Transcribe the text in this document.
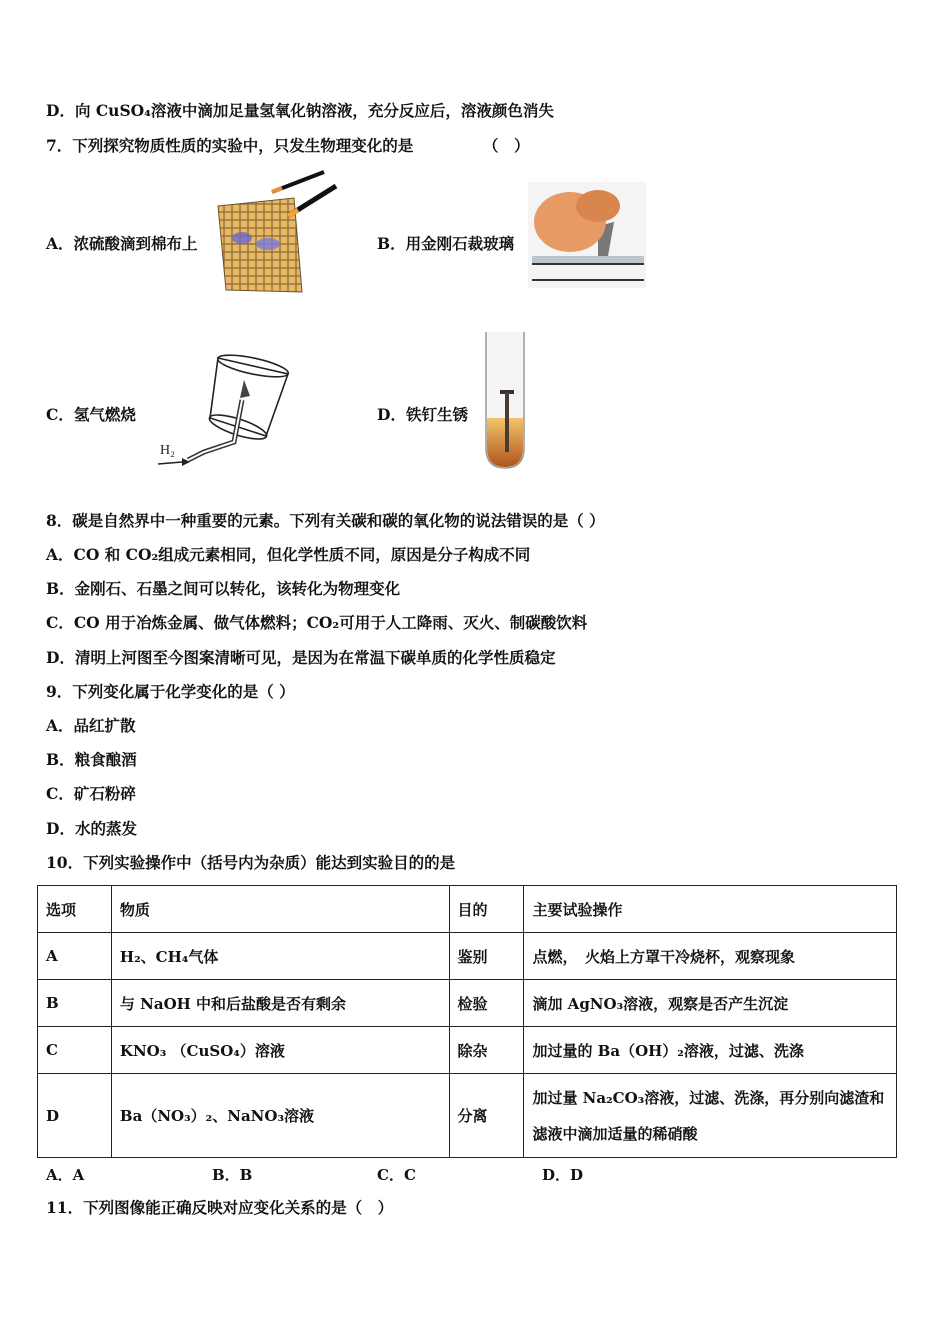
D．向 CuSO₄溶液中滴加足量氢氧化钠溶液，充分反应后，溶液颜色消失
7．下列探究物质性质的实验中，只发生物理变化的是	（　）
A．浓硫酸滴到棉布上	B．用金刚石裁玻璃
C．氢气燃烧
H₂
D．铁钉生锈
8．碳是自然界中一种重要的元素。下列有关碳和碳的氧化物的说法错误的是（ ）
A．CO 和 CO₂组成元素相同，但化学性质不同，原因是分子构成不同
B．金刚石、石墨之间可以转化，该转化为物理变化
C．CO 用于冶炼金属、做气体燃料；CO₂可用于人工降雨、灭火、制碳酸饮料
D．清明上河图至今图案清晰可见，是因为在常温下碳单质的化学性质稳定
9．下列变化属于化学变化的是（ ）
A．品红扩散
B．粮食酿酒
C．矿石粉碎
D．水的蒸发
10．下列实验操作中（括号内为杂质）能达到实验目的的是
选项	物质	目的	主要试验操作
A	H₂、CH₄气体	鉴别	点燃，　火焰上方罩干冷烧杯，观察现象
B	与 NaOH 中和后盐酸是否有剩余	检验	滴加 AgNO₃溶液，观察是否产生沉淀
C	KNO₃ （CuSO₄）溶液	除杂	加过量的 Ba（OH）₂溶液，过滤、洗涤
D	Ba（NO₃）₂、NaNO₃溶液	分离	加过量 Na₂CO₃溶液，过滤、洗涤，再分别向滤渣和滤液中滴加适量的稀硝酸
A．A	B．B	C．C	D．D
11．下列图像能正确反映对应变化关系的是（　）
